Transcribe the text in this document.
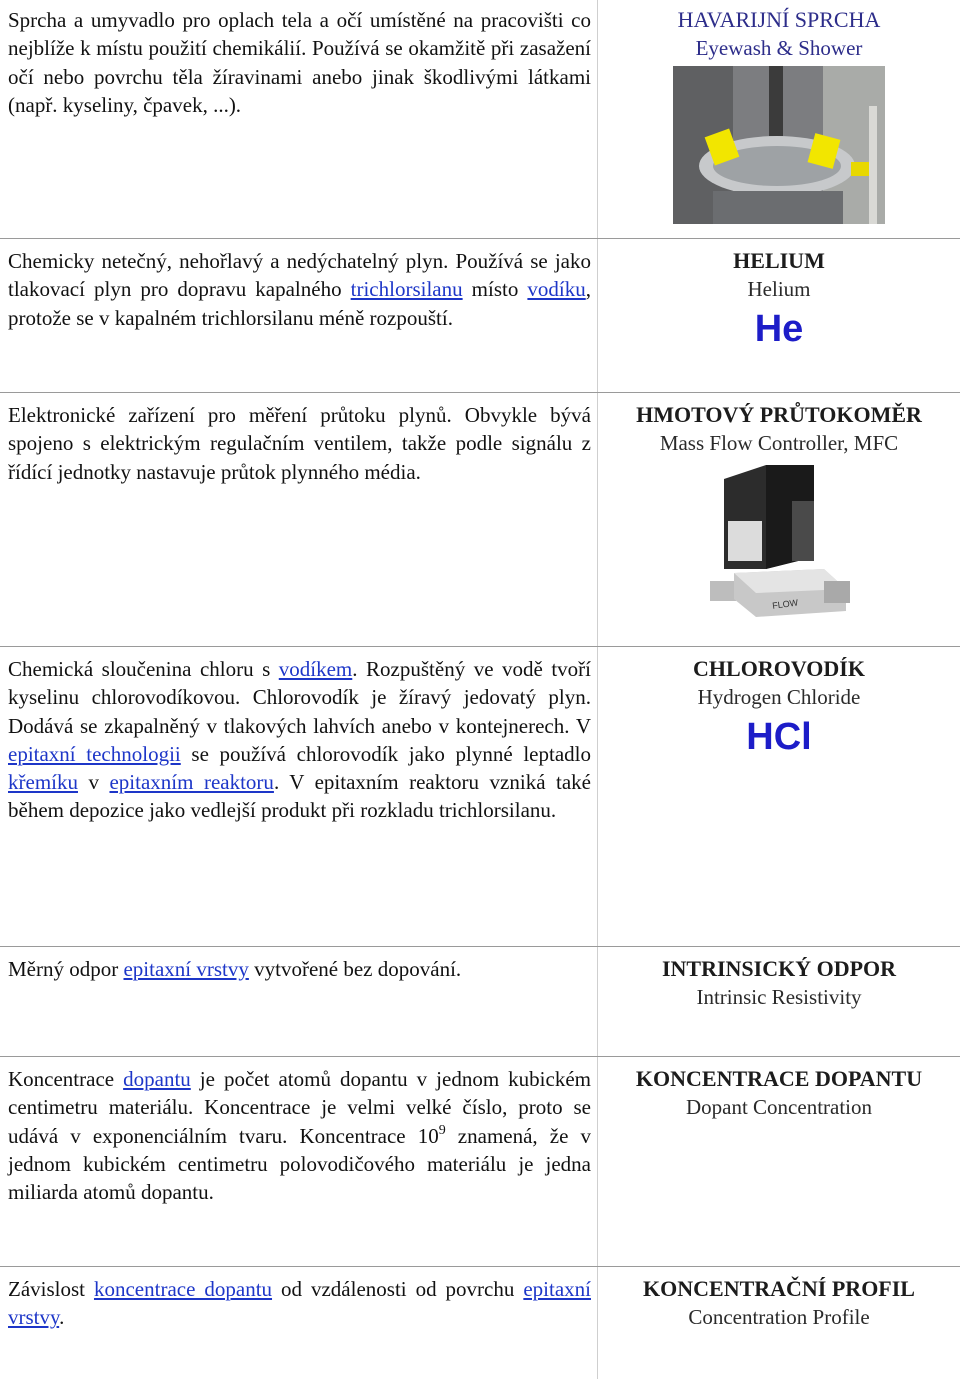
Sprcha a umyvadlo pro oplach tela a očí umístěné na pracovišti co nejblíže k místu použití chemikálií. Používá se okamžitě při zasažení očí nebo povrchu těla žíravinami anebo jinak škodlivými látkami (např. kyseliny, čpavek, ...).
HAVARIJNÍ SPRCHA
Eyewash & Shower
Chemicky netečný, nehořlavý a nedýchatelný plyn. Používá se jako tlakovací plyn pro dopravu kapalného trichlorsilanu místo vodíku, protože se v kapalném trichlorsilanu méně rozpouští.
HELIUM
Helium
He
Elektronické zařízení pro měření průtoku plynů. Obvykle bývá spojeno s elektrickým regulačním ventilem, takže podle signálu z řídící jednotky nastavuje průtok plynného média.
HMOTOVÝ PRŮTOKOMĚR
Mass Flow Controller, MFC
FLOW
Chemická sloučenina chloru s vodíkem. Rozpuštěný ve vodě tvoří kyselinu chlorovodíkovou. Chlorovodík je žíravý jedovatý plyn. Dodává se zkapalněný v tlakových lahvích anebo v kontejnerech. V epitaxní technologii se používá chlorovodík jako plynné leptadlo křemíku v epitaxním reaktoru. V epitaxním reaktoru vzniká také během depozice jako vedlejší produkt při rozkladu trichlorsilanu.
CHLOROVODÍK
Hydrogen Chloride
HCl
Měrný odpor epitaxní vrstvy vytvořené bez dopování.	INTRINSICKÝ ODPOR
Intrinsic Resistivity
Koncentrace dopantu je počet atomů dopantu v jednom kubickém centimetru materiálu. Koncentrace je velmi velké číslo, proto se udává v exponenciálním tvaru. Koncentrace $10^9$ znamená, že v jednom kubickém centimetru polovodičového materiálu je jedna miliarda atomů dopantu.
KONCENTRACE DOPANTU
Dopant Concentration
Závislost koncentrace dopantu od vzdálenosti od povrchu epitaxní vrstvy.
KONCENTRAČNÍ PROFIL
Concentration Profile
